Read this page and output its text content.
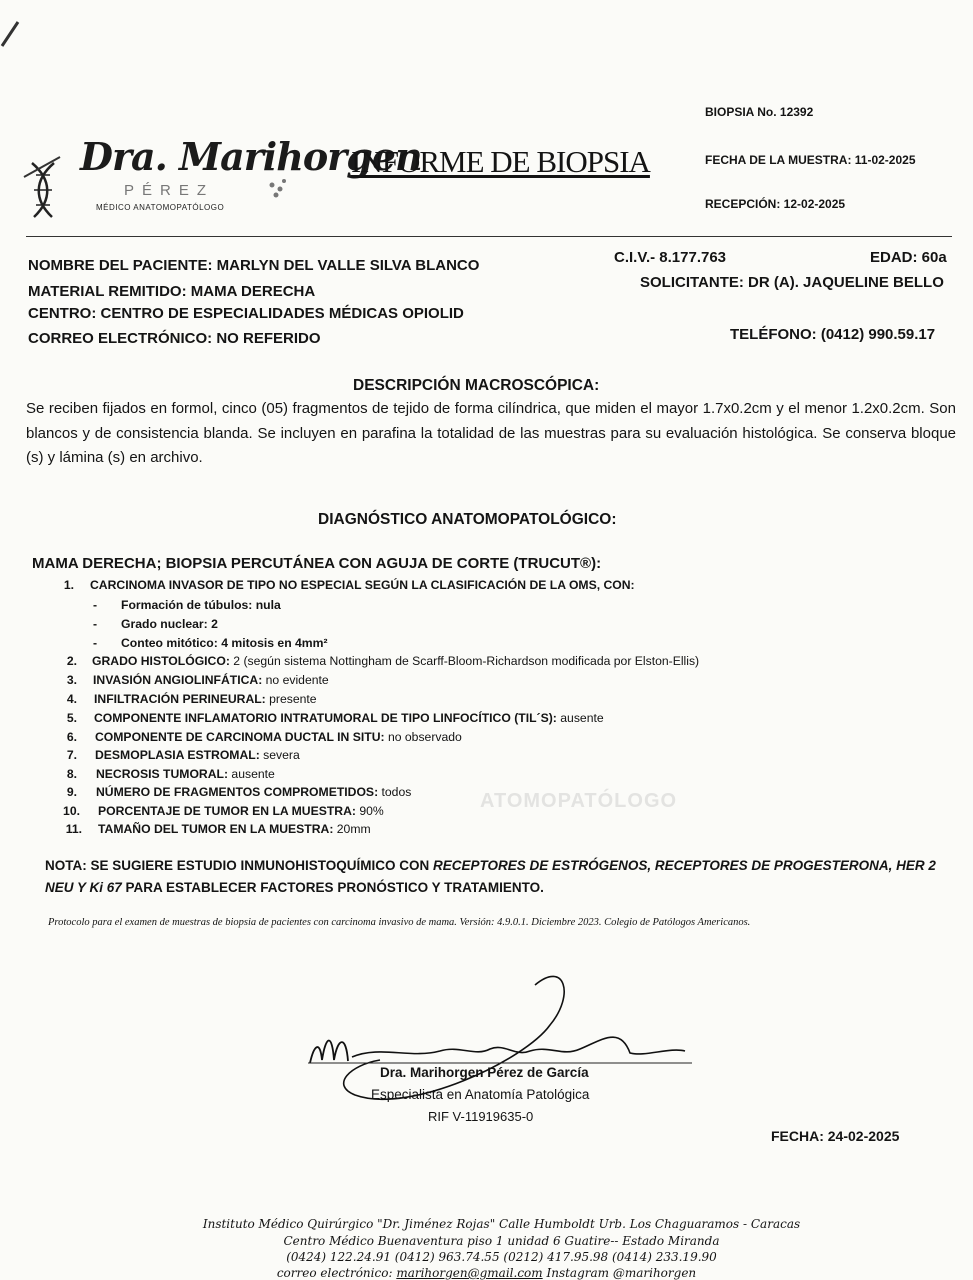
ATOMOPATÓLOGO
Dra. Marihorgen
PÉREZ
MÉDICO ANATOMOPATÓLOGO
INFORME DE BIOPSIA
BIOPSIA No. 12392
FECHA DE LA MUESTRA: 11-02-2025
RECEPCIÓN: 12-02-2025
NOMBRE DEL PACIENTE: MARLYN DEL VALLE SILVA BLANCO	C.I.V.- 8.177.763	EDAD: 60a
MATERIAL REMITIDO: MAMA DERECHA
SOLICITANTE: DR (A). JAQUELINE BELLO
CENTRO: CENTRO DE ESPECIALIDADES MÉDICAS OPIOLID
CORREO ELECTRÓNICO: NO REFERIDO	TELÉFONO: (0412) 990.59.17
DESCRIPCIÓN MACROSCÓPICA:
Se reciben fijados en formol, cinco (05) fragmentos de tejido de forma cilíndrica, que miden el mayor 1.7x0.2cm y el menor 1.2x0.2cm. Son blancos y de consistencia blanda. Se incluyen en parafina la totalidad de las muestras para su evaluación histológica. Se conserva bloque (s) y lámina (s) en archivo.
DIAGNÓSTICO ANATOMOPATOLÓGICO:
MAMA DERECHA; BIOPSIA PERCUTÁNEA CON AGUJA DE CORTE (TRUCUT®):
1. CARCINOMA INVASOR DE TIPO NO ESPECIAL SEGÚN LA CLASIFICACIÓN DE LA OMS, CON:
2. GRADO HISTOLÓGICO: 2 (según sistema Nottingham de Scarff-Bloom-Richardson modificada por Elston-Ellis)
3. INVASIÓN ANGIOLINFÁTICA: no evidente
4. INFILTRACIÓN PERINEURAL: presente
5. COMPONENTE INFLAMATORIO INTRATUMORAL DE TIPO LINFOCÍTICO (TIL´S): ausente
6. COMPONENTE DE CARCINOMA DUCTAL IN SITU: no observado
7. DESMOPLASIA ESTROMAL: severa
8. NECROSIS TUMORAL: ausente
9. NÚMERO DE FRAGMENTOS COMPROMETIDOS: todos
10. PORCENTAJE DE TUMOR EN LA MUESTRA: 90%
11. TAMAÑO DEL TUMOR EN LA MUESTRA: 20mm
- Formación de túbulos: nula
- Grado nuclear: 2
- Conteo mitótico: 4 mitosis en 4mm²
NOTA: SE SUGIERE ESTUDIO INMUNOHISTOQUÍMICO CON RECEPTORES DE ESTRÓGENOS, RECEPTORES DE PROGESTERONA, HER 2 NEU Y Ki 67 PARA ESTABLECER FACTORES PRONÓSTICO Y TRATAMIENTO.
Protocolo para el examen de muestras de biopsia de pacientes con carcinoma invasivo de mama. Versión: 4.9.0.1. Diciembre 2023. Colegio de Patólogos Americanos.
Dra. Marihorgen Pérez de García
Especialista en Anatomía Patológica
RIF V-11919635-0
FECHA: 24-02-2025
Instituto Médico Quirúrgico "Dr. Jiménez Rojas" Calle Humboldt Urb. Los Chaguaramos - Caracas
Centro Médico Buenaventura piso 1 unidad 6 Guatire-- Estado Miranda
(0424) 122.24.91 (0412) 963.74.55 (0212) 417.95.98 (0414) 233.19.90
correo electrónico: marihorgen@gmail.com Instagram @marihorgen
